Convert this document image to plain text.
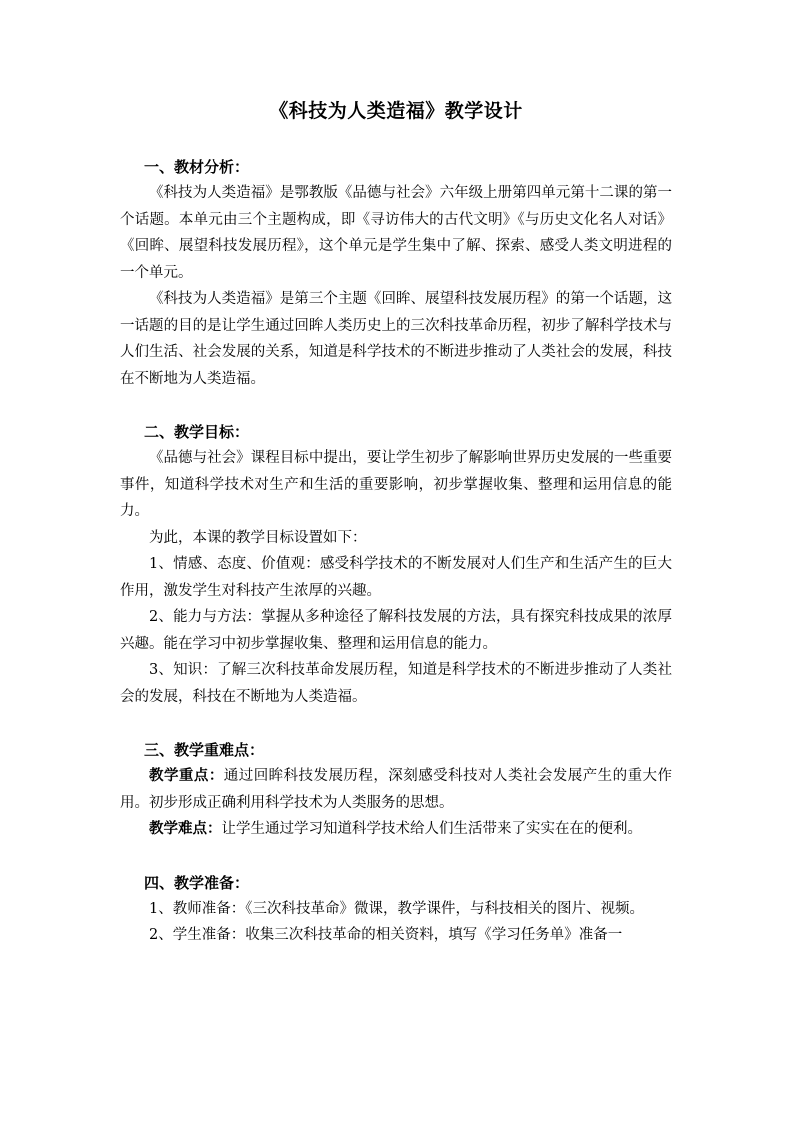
《科技为人类造福》教学设计
一、教材分析：

《科技为人类造福》是鄂教版《品德与社会》六年级上册第四单元第十二课的第一个话题。本单元由三个主题构成，即《寻访伟大的古代文明》《与历史文化名人对话》《回眸、展望科技发展历程》，这个单元是学生集中了解、探索、感受人类文明进程的一个单元。

《科技为人类造福》是第三个主题《回眸、展望科技发展历程》的第一个话题，这一话题的目的是让学生通过回眸人类历史上的三次科技革命历程，初步了解科学技术与人们生活、社会发展的关系，知道是科学技术的不断进步推动了人类社会的发展，科技在不断地为人类造福。

二、教学目标：

《品德与社会》课程目标中提出，要让学生初步了解影响世界历史发展的一些重要事件，知道科学技术对生产和生活的重要影响，初步掌握收集、整理和运用信息的能力。

为此，本课的教学目标设置如下：

1、情感、态度、价值观：感受科学技术的不断发展对人们生产和生活产生的巨大作用，激发学生对科技产生浓厚的兴趣。

2、能力与方法：掌握从多种途径了解科技发展的方法，具有探究科技成果的浓厚兴趣。能在学习中初步掌握收集、整理和运用信息的能力。

3、知识：了解三次科技革命发展历程，知道是科学技术的不断进步推动了人类社会的发展，科技在不断地为人类造福。

三、教学重难点：

教学重点：通过回眸科技发展历程，深刻感受科技对人类社会发展产生的重大作用。初步形成正确利用科学技术为人类服务的思想。

教学难点：让学生通过学习知道科学技术给人们生活带来了实实在在的便利。

四、教学准备：

1、教师准备：《三次科技革命》微课，教学课件，与科技相关的图片、视频。

2、学生准备：收集三次科技革命的相关资料，填写《学习任务单》准备一
